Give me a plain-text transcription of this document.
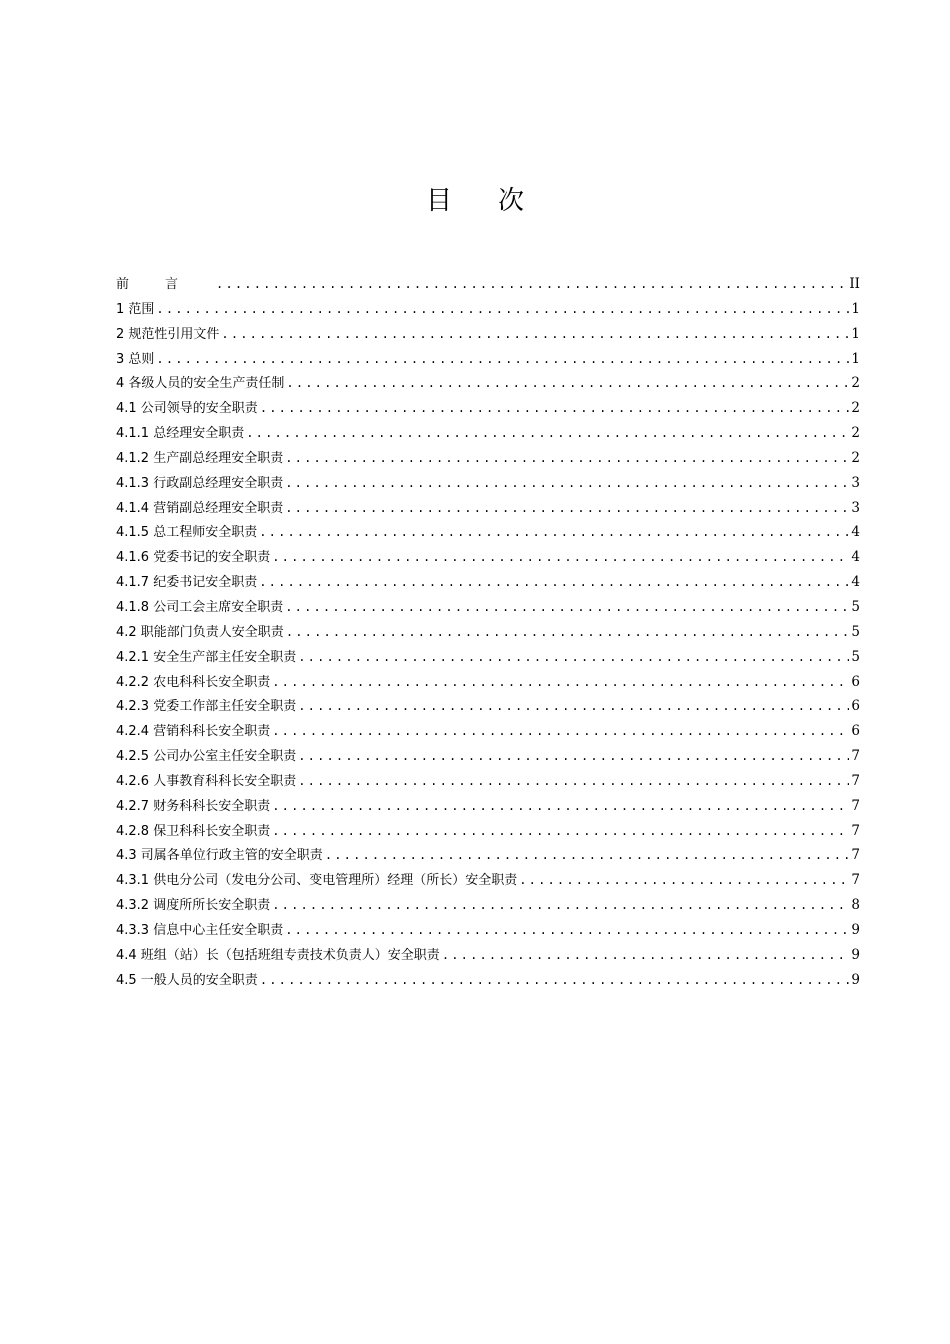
目 次
前言 .....	II
1 范围 .....	1
2 规范性引用文件 .....	1
3 总则 .....	1
4 各级人员的安全生产责任制 .....	2
4.1 公司领导的安全职责 .....	2
4.1.1 总经理安全职责 .....	2
4.1.2 生产副总经理安全职责 .....	2
4.1.3 行政副总经理安全职责 .....	3
4.1.4 营销副总经理安全职责 .....	3
4.1.5 总工程师安全职责 .....	4
4.1.6 党委书记的安全职责 .....	4
4.1.7 纪委书记安全职责 .....	4
4.1.8 公司工会主席安全职责 .....	5
4.2 职能部门负责人安全职责 .....	5
4.2.1 安全生产部主任安全职责 .....	5
4.2.2 农电科科长安全职责 .....	6
4.2.3 党委工作部主任安全职责 .....	6
4.2.4 营销科科长安全职责 .....	6
4.2.5 公司办公室主任安全职责 .....	7
4.2.6 人事教育科科长安全职责 .....	7
4.2.7 财务科科长安全职责 .....	7
4.2.8 保卫科科长安全职责 .....	7
4.3 司属各单位行政主管的安全职责 .....	7
4.3.1 供电分公司（发电分公司、变电管理所）经理（所长）安全职责 .....	7
4.3.2 调度所所长安全职责 .....	8
4.3.3 信息中心主任安全职责 .....	9
4.4 班组（站）长（包括班组专责技术负责人）安全职责 .....	9
4.5 一般人员的安全职责 .....	9
